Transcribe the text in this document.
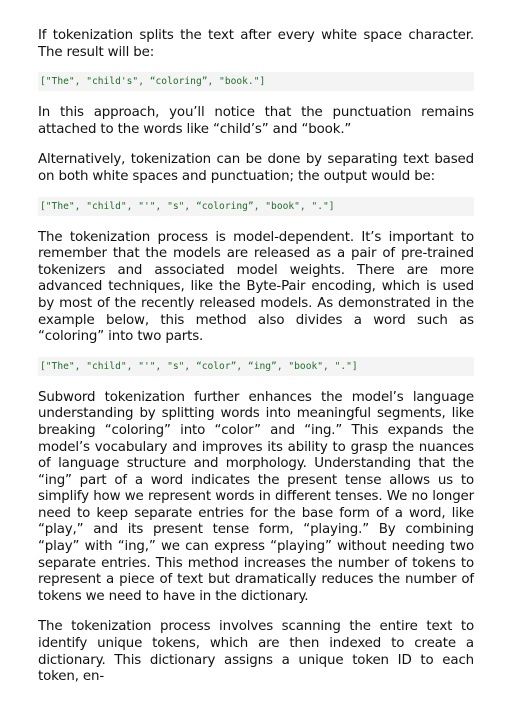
If tokenization splits the text after every white space character. The result will be:

["The", "child's", “coloring”, "book."]

In this approach, you’ll notice that the punctuation remains attached to the words like “child’s” and “book.”

Alternatively, tokenization can be done by separating text based on both white spaces and punctuation; the output would be:

["The", "child", "'", "s", “coloring”, "book", "."]

The tokenization process is model-dependent. It’s important to remember that the models are released as a pair of pre-trained tokenizers and associated model weights. There are more advanced techniques, like the Byte-Pair encoding, which is used by most of the recently released models. As demonstrated in the example below, this method also divides a word such as “coloring” into two parts.

["The", "child", "'", "s", “color”, “ing”, "book", "."]

Subword tokenization further enhances the model’s language understanding by splitting words into meaningful segments, like breaking “coloring” into “color” and “ing.” This expands the model’s vocabulary and improves its ability to grasp the nuances of language structure and morphology. Understanding that the “ing” part of a word indicates the present tense allows us to simplify how we represent words in different tenses. We no longer need to keep separate entries for the base form of a word, like “play,” and its present tense form, “playing.” By combining “play” with “ing,” we can express “playing” without needing two separate entries. This method increases the number of tokens to represent a piece of text but dramatically reduces the number of tokens we need to have in the dictionary.

The tokenization process involves scanning the entire text to identify unique tokens, which are then indexed to create a dictionary. This dictionary assigns a unique token ID to each token, en-
